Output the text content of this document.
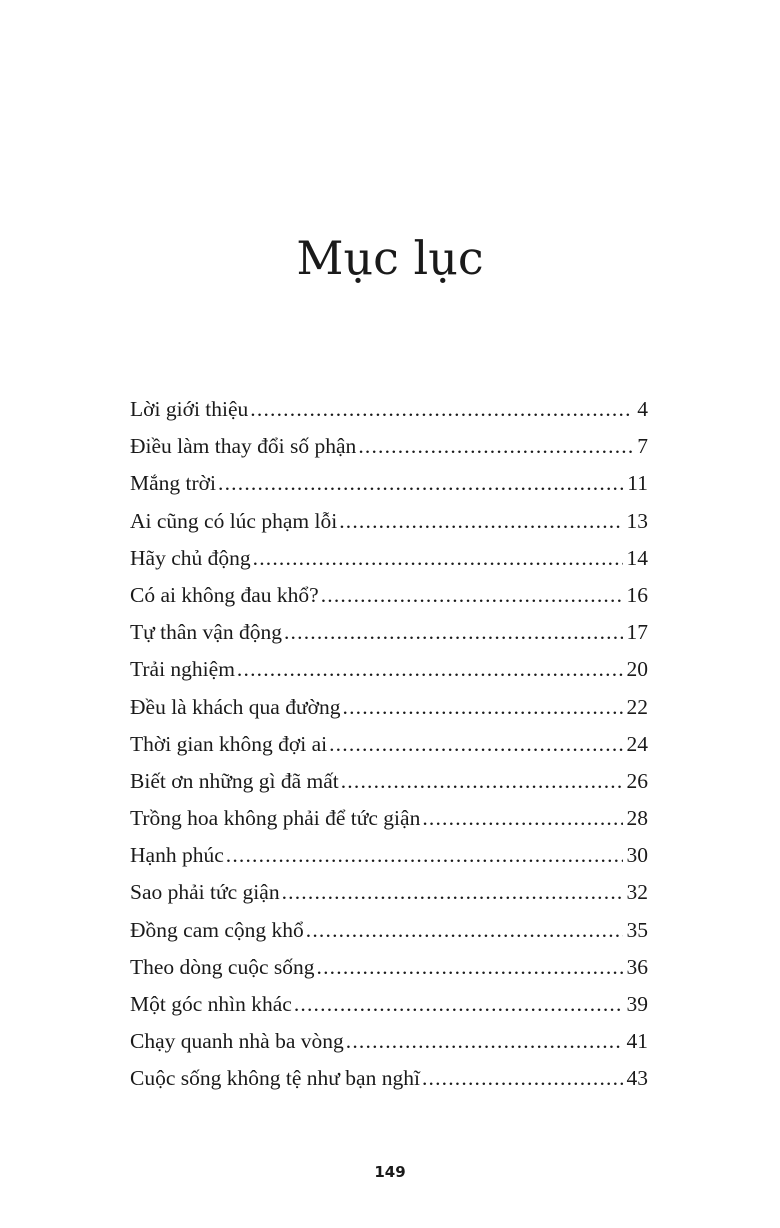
Mục lục
Lời giới thiệu .....	4
Điều làm thay đổi số phận .....	7
Mắng trời .....	11
Ai cũng có lúc phạm lỗi .....	13
Hãy chủ động .....	14
Có ai không đau khổ? .....	16
Tự thân vận động .....	17
Trải nghiệm .....	20
Đều là khách qua đường .....	22
Thời gian không đợi ai .....	24
Biết ơn những gì đã mất .....	26
Trồng hoa không phải để tức giận .....	28
Hạnh phúc .....	30
Sao phải tức giận .....	32
Đồng cam cộng khổ .....	35
Theo dòng cuộc sống .....	36
Một góc nhìn khác .....	39
Chạy quanh nhà ba vòng .....	41
Cuộc sống không tệ như bạn nghĩ .....	43
149
